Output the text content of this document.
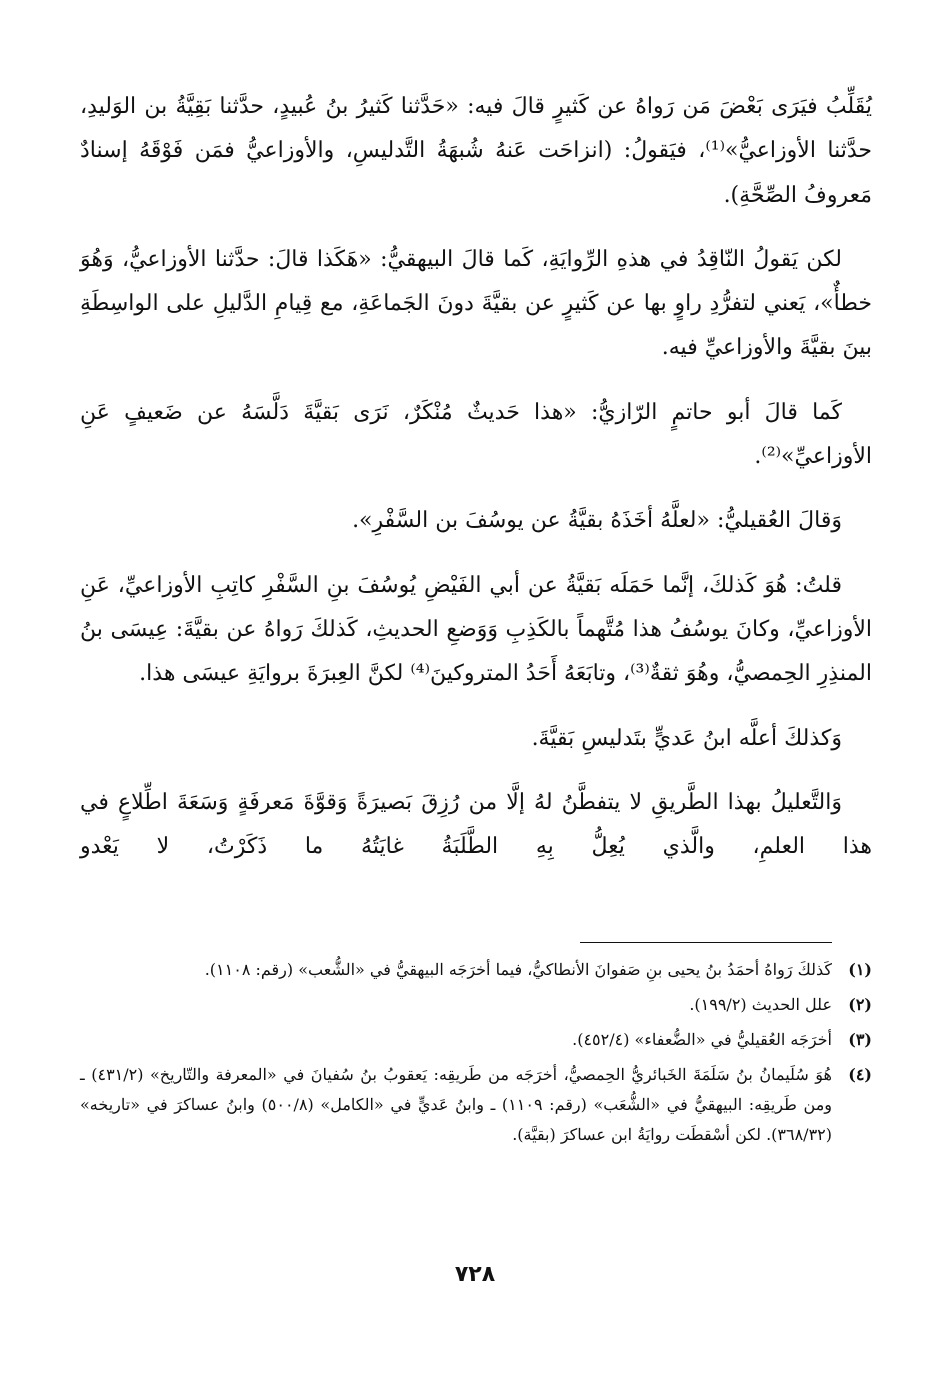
يُقَلِّبُ فيَرَى بَعْضَ مَن رَواهُ عن كَثيرٍ قالَ فيه: «حَدَّثنا كَثيرُ بنُ عُبيدٍ، حدَّثنا بَقِيَّةُ بن الوَليدِ، حدَّثنا الأوزاعيُّ»⁽¹⁾، فيَقولُ: (انزاحَت عَنهُ شُبهَةُ التَّدليسِ، والأوزاعيُّ فمَن فَوْقَهُ إسنادٌ مَعروفُ الصِّحَّةِ).

لكن يَقولُ النّاقِدُ في هذهِ الرِّوايَةِ، كَما قالَ البيهقيُّ: «هَكَذا قالَ: حدَّثنا الأوزاعيُّ، وَهُوَ خطأٌ»، يَعني لتفرُّدِ راوٍ بها عن كَثيرٍ عن بقيَّةَ دونَ الجَماعَةِ، مع قِيامِ الدَّليلِ على الواسِطَةِ بينَ بقيَّةَ والأوزاعيِّ فيه.

كَما قالَ أبو حاتمٍ الرّازيُّ: «هذا حَديثٌ مُنْكَرٌ، نَرَى بَقيَّةَ دَلَّسَهُ عن ضَعيفٍ عَنِ الأوزاعيِّ»⁽²⁾.

وَقالَ العُقيليُّ: «لعلَّهُ أخَذَهُ بقيَّةُ عن يوسُفَ بن السَّفْرِ».

قلتُ: هُوَ كَذلكَ، إنَّما حَمَلَه بَقيَّةُ عن أبي الفَيْضِ يُوسُفَ بنِ السَّفْرِ كاتِبِ الأوزاعيِّ، عَنِ الأوزاعيِّ، وكانَ يوسُفُ هذا مُتَّهماً بالكَذِبِ وَوَضعِ الحديثِ، كَذلكَ رَواهُ عن بقيَّةَ: عِيسَى بنُ المنذِرِ الحِمصيُّ، وهُوَ ثقةٌ⁽³⁾، وتابَعَهُ أَحَدُ المتروكينَ⁽⁴⁾ لكنَّ العِبرَةَ بروايَةِ عيسَى هذا.

وَكذلكَ أعلَّه ابنُ عَديٍّ بتَدليسِ بَقيَّةَ.

وَالتَّعليلُ بهذا الطَّريقِ لا يتفطَّنُ لهُ إلَّا من رُزِقَ بَصيرَةً وَقوَّةَ مَعرفَةٍ وَسَعَةَ اطِّلاعٍ في هذا العلمِ، والَّذي يُعِلُّ بِهِ الطَّلَبَةُ غايَتُهُ ما ذَكَرْتُ، لا يَعْدو

(١)
كَذلكَ رَواهُ أحمَدُ بنُ يحيى بنِ صَفوانَ الأنطاكيُّ، فيما أخرَجَه البيهقيُّ في «الشُّعب» (رقم: ١١٠٨).
(٢)
علل الحديث (١٩٩/٢).
(٣)
أخرَجَه العُقيليُّ في «الضُّعفاء» (٤٥٢/٤).
(٤)
هُوَ سُلَيمانُ بنُ سَلَمَةَ الخَبائريُّ الحِمصيُّ، أخرَجَه من طَريقِه: يَعقوبُ بنُ سُفيانَ في «المعرفة والتّاريخ» (٤٣١/٢) ـ ومن طَريقِه: البيهقيُّ في «الشُّعَب» (رقم: ١١٠٩) ـ وابنُ عَديٍّ في «الكامل» (٥٠٠/٨) وابنُ عساكرَ في «تاريخه» (٣٦٨/٣٢). لكن أسْقطَت روايَةُ ابن عساكرَ (بقيَّة).
٧٢٨
